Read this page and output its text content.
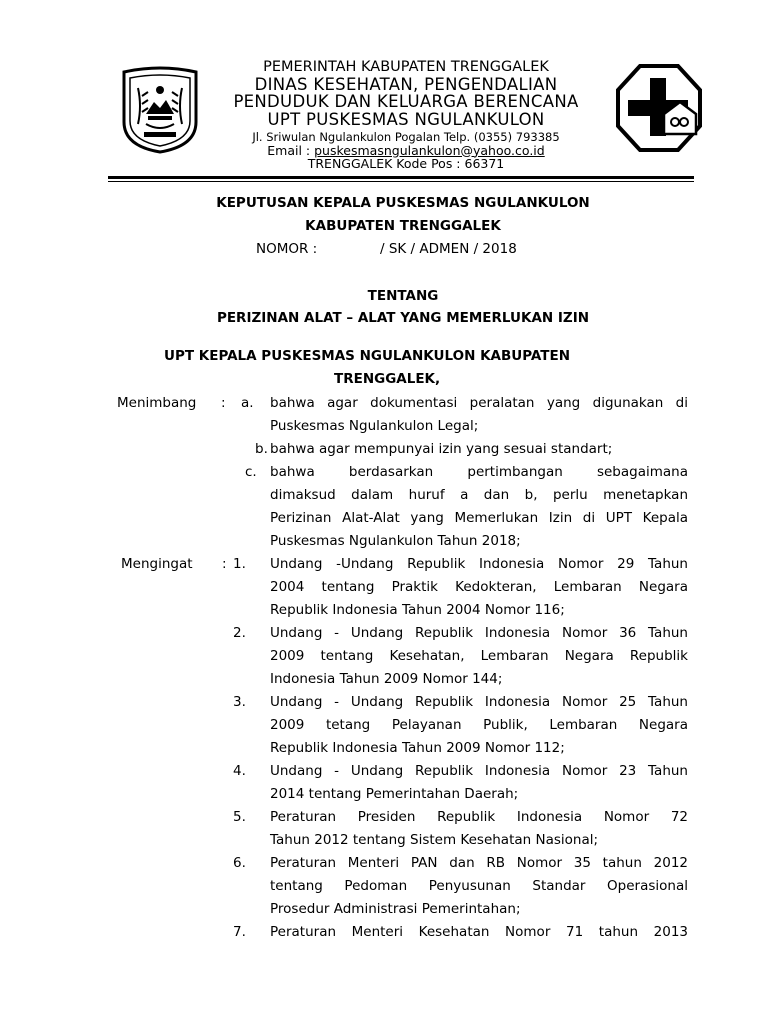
PEMERINTAH KABUPATEN TRENGGALEK
DINAS KESEHATAN, PENGENDALIAN
PENDUDUK DAN KELUARGA BERENCANA
UPT PUSKESMAS NGULANKULON
Jl. Sriwulan Ngulankulon Pogalan Telp. (0355) 793385
Email : puskesmasngulankulon@yahoo.co.id
TRENGGALEK Kode Pos : 66371
KEPUTUSAN KEPALA PUSKESMAS NGULANKULON
KABUPATEN TRENGGALEK
NOMOR :	/ SK / ADMEN / 2018
TENTANG
PERIZINAN ALAT – ALAT YANG MEMERLUKAN IZIN
UPT KEPALA PUSKESMAS NGULANKULON KABUPATEN
TRENGGALEK,
Menimbang : a. bahwa agar dokumentasi peralatan yang digunakan di
Puskesmas Ngulankulon Legal;
b. bahwa agar mempunyai izin yang sesuai standart;
c. bahwa berdasarkan pertimbangan sebagaimana
dimaksud dalam huruf a dan b, perlu menetapkan
Perizinan Alat-Alat yang Memerlukan Izin di UPT Kepala
Puskesmas Ngulankulon Tahun 2018;
Mengingat : 1. Undang -Undang Republik Indonesia Nomor 29 Tahun
2004 tentang Praktik Kedokteran, Lembaran Negara
Republik Indonesia Tahun 2004 Nomor 116;
2. Undang - Undang Republik Indonesia Nomor 36 Tahun
2009 tentang Kesehatan, Lembaran Negara Republik
Indonesia Tahun 2009 Nomor 144;
3. Undang - Undang Republik Indonesia Nomor 25 Tahun
2009 tetang Pelayanan Publik, Lembaran Negara
Republik Indonesia Tahun 2009 Nomor 112;
4. Undang - Undang Republik Indonesia Nomor 23 Tahun
2014 tentang Pemerintahan Daerah;
5. Peraturan Presiden Republik Indonesia Nomor 72
Tahun 2012 tentang Sistem Kesehatan Nasional;
6. Peraturan Menteri PAN dan RB Nomor 35 tahun 2012
tentang Pedoman Penyusunan Standar Operasional
Prosedur Administrasi Pemerintahan;
7. Peraturan Menteri Kesehatan Nomor 71 tahun 2013
